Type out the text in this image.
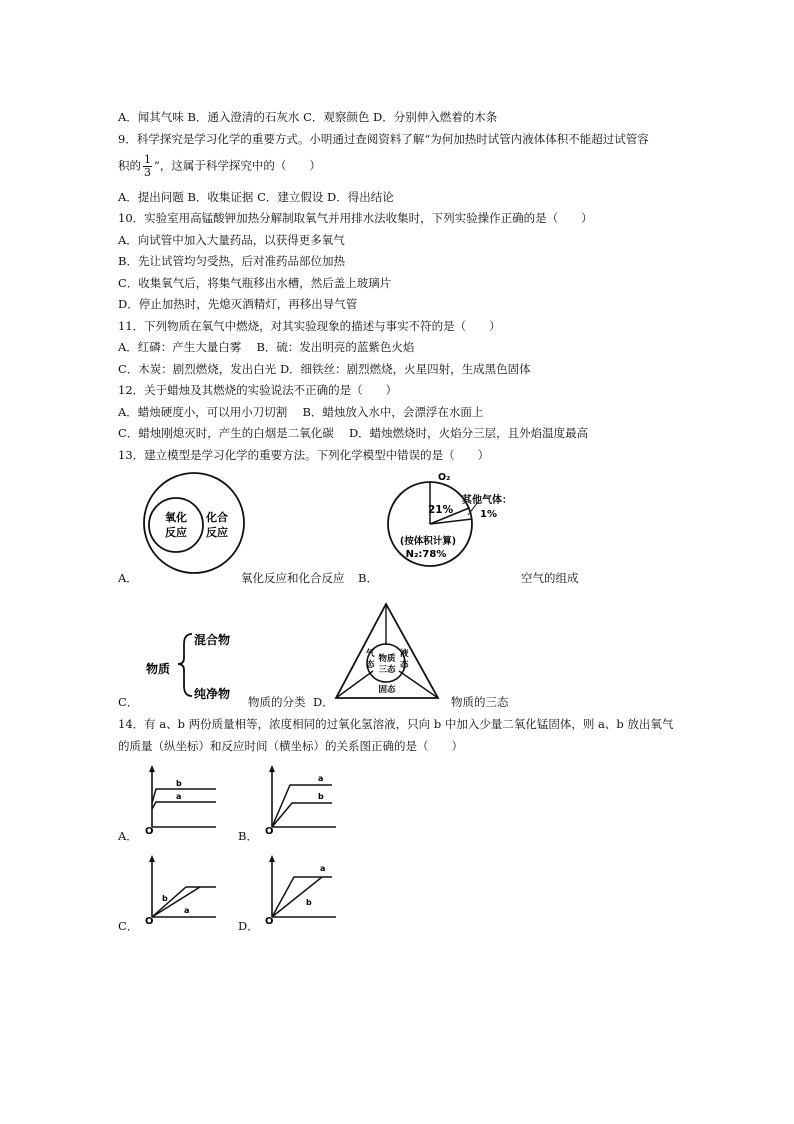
A．闻其气味 B．通入澄清的石灰水 C．观察颜色 D．分别伸入燃着的木条
9．科学探究是学习化学的重要方式。小明通过查阅资料了解“为何加热时试管内液体体积不能超过试管容
积的 $\frac{1}{3}$ ”，这属于科学探究中的（　　）
A．提出问题 B．收集证据 C．建立假设 D．得出结论
10．实验室用高锰酸钾加热分解制取氧气并用排水法收集时，下列实验操作正确的是（　　）
A．向试管中加入大量药品，以获得更多氧气
B．先让试管均匀受热，后对准药品部位加热
C．收集氧气后，将集气瓶移出水槽，然后盖上玻璃片
D．停止加热时，先熄灭酒精灯，再移出导气管
11．下列物质在氧气中燃烧，对其实验现象的描述与事实不符的是（　　）
A．红磷：产生大量白雾　 B．硫：发出明亮的蓝紫色火焰
C．木炭：剧烈燃烧，发出白光 D．细铁丝：剧烈燃烧，火星四射，生成黑色固体
12．关于蜡烛及其燃烧的实验说法不正确的是（　　）
A．蜡烛硬度小，可以用小刀切割　 B．蜡烛放入水中，会漂浮在水面上
C．蜡烛刚熄灭时，产生的白烟是二氧化碳　 D．蜡烛燃烧时，火焰分三层，且外焰温度最高
13．建立模型是学习化学的重要方法。下列化学模型中错误的是（　　）
氧化
反应
化合
反应
A．	氧化反应和化合反应
O₂
21%
其他气体：
1%
(按体积计算)
N₂:78%
B．	空气的组成
物质
混合物
纯净物
C．	物质的分类 D．
物质
三态
气
态
液
态
固态
物质的三态
14．有 a、b 两份质量相等，浓度相同的过氧化氢溶液，只向 b 中加入少量二氧化锰固体，则 a、b 放出氧气
的质量（纵坐标）和反应时间（横坐标）的关系图正确的是（　　）
b
a
O
A．
a
b
O
B．
b
a
O
C．
a
b
O
D．
